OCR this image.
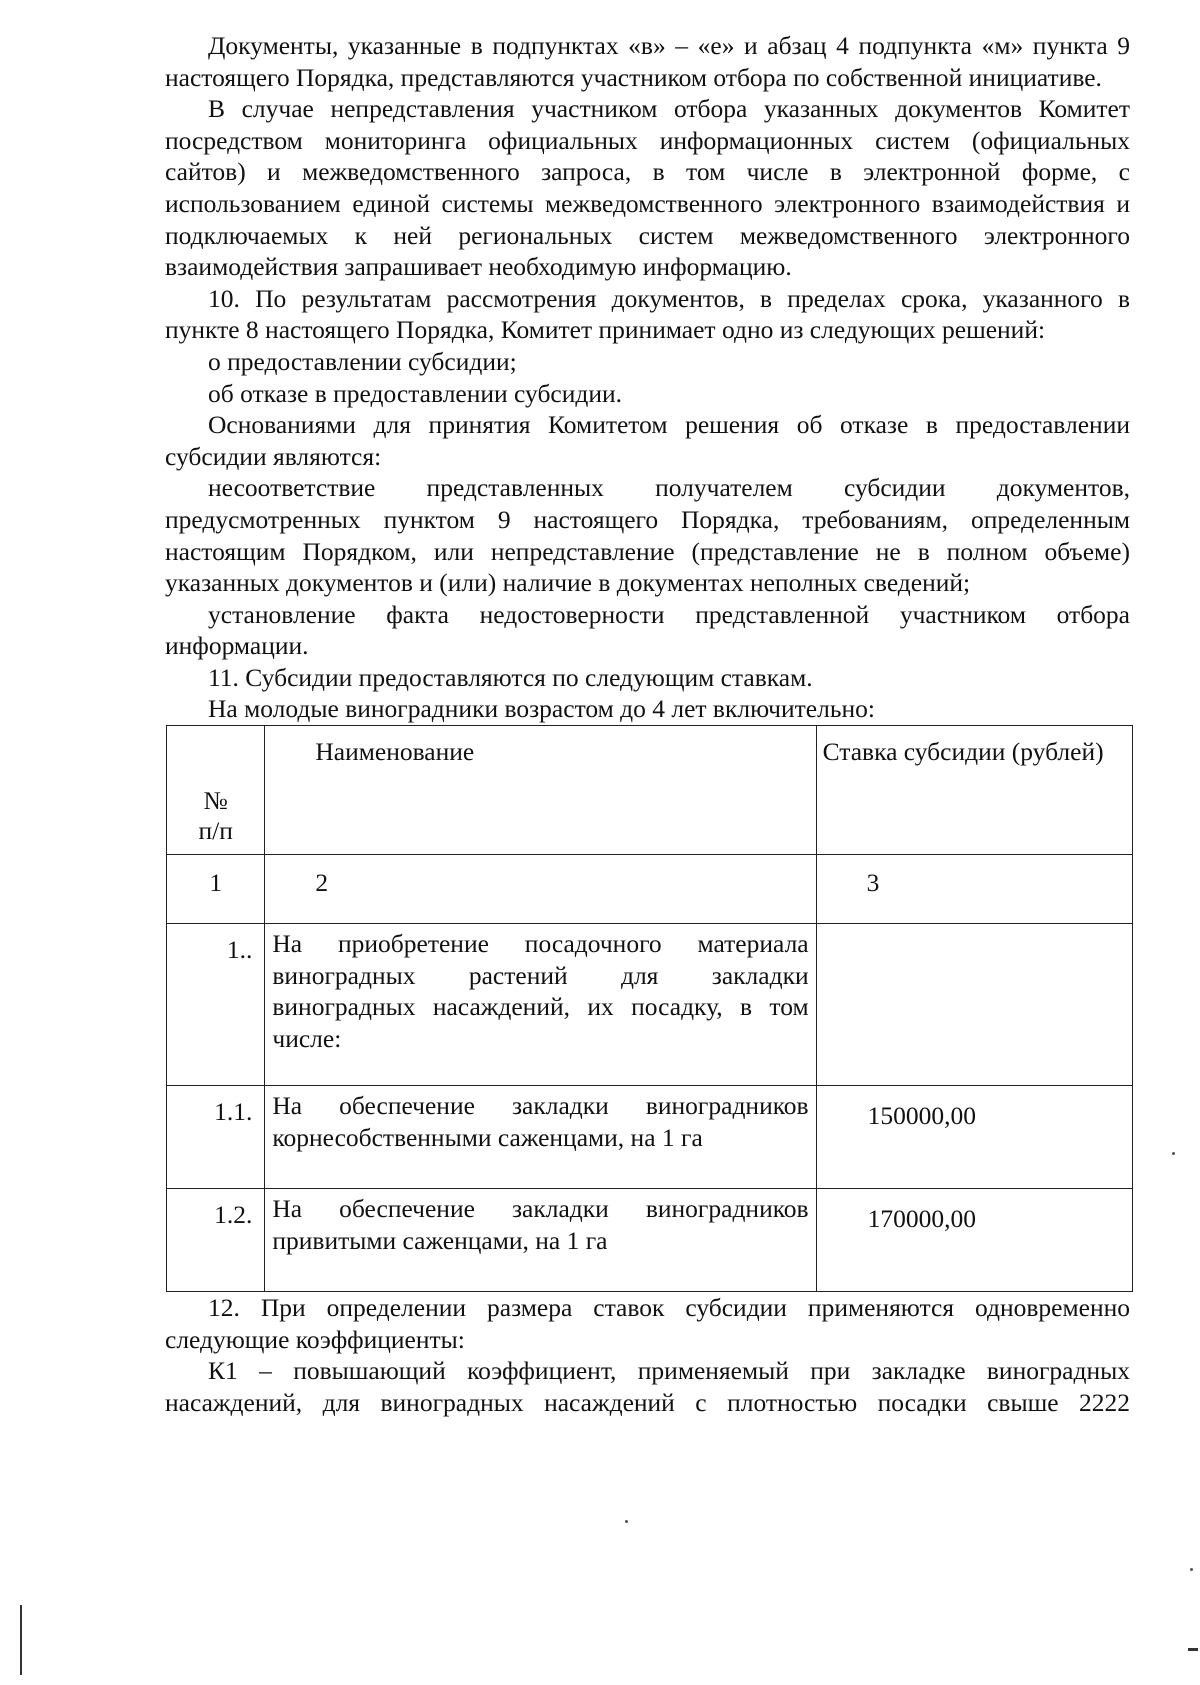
Документы, указанные в подпунктах «в» – «е» и абзац 4 подпункта «м» пункта 9 настоящего Порядка, представляются участником отбора по собственной инициативе.

В случае непредставления участником отбора указанных документов Комитет посредством мониторинга официальных информационных систем (официальных сайтов) и межведомственного запроса, в том числе в электронной форме, с использованием единой системы межведомственного электронного взаимодействия и подключаемых к ней региональных систем межведомственного электронного взаимодействия запрашивает необходимую информацию.

10. По результатам рассмотрения документов, в пределах срока, указанного в пункте 8 настоящего Порядка, Комитет принимает одно из следующих решений:

о предоставлении субсидии;

об отказе в предоставлении субсидии.

Основаниями для принятия Комитетом решения об отказе в предоставлении субсидии являются:

несоответствие представленных получателем субсидии документов, предусмотренных пунктом 9 настоящего Порядка, требованиям, определенным настоящим Порядком, или непредставление (представление не в полном объеме) указанных документов и (или) наличие в документах неполных сведений;

установление факта недостоверности представленной участником отбора информации.

11. Субсидии предоставляются по следующим ставкам.

На молодые виноградники возрастом до 4 лет включительно:

№
п/п	Наименование	Ставка субсидии (рублей)
1	2	3

1..	На приобретение посадочного материала виноградных растений для закладки виноградных насаждений, их посадку, в том числе:	

1.1.	На обеспечение закладки виноградников корнесобственными саженцами, на 1 га	150000,00

1.2.	На обеспечение закладки виноградников привитыми саженцами, на 1 га	170000,00

12. При определении размера ставок субсидии применяются одновременно следующие коэффициенты:

К1 – повышающий коэффициент, применяемый при закладке виноградных насаждений, для виноградных насаждений с плотностью посадки свыше 2222
